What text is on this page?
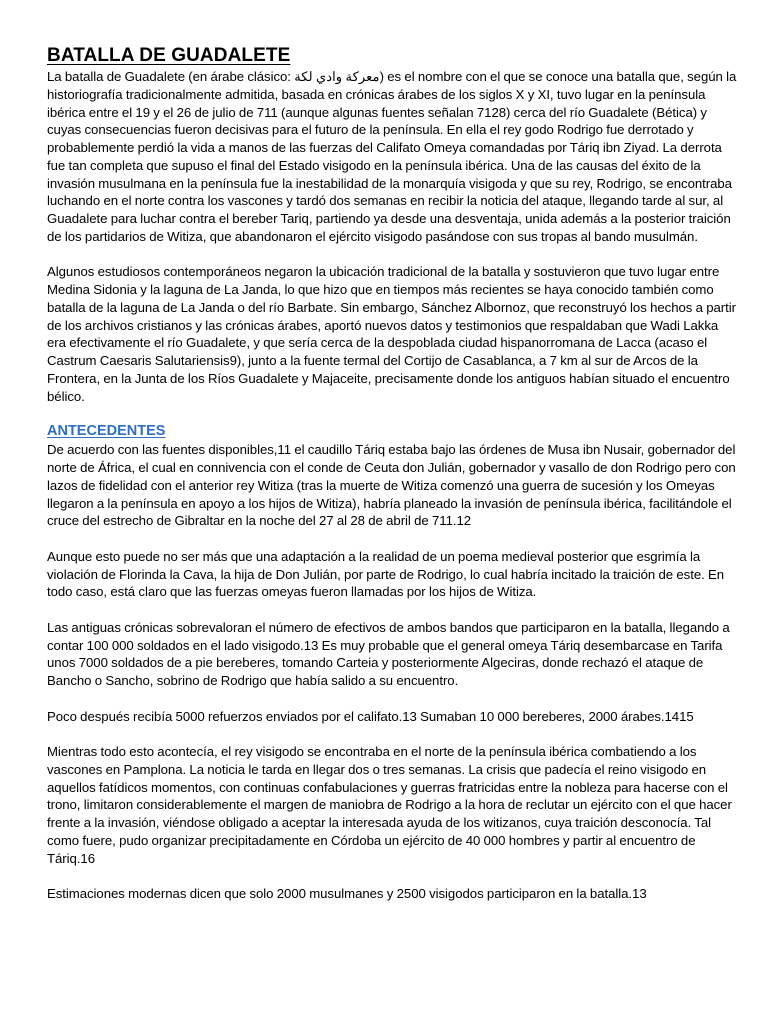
BATALLA DE GUADALETE

La batalla de Guadalete (en árabe clásico: معركة وادي لكة) es el nombre con el que se conoce una batalla que, según la historiografía tradicionalmente admitida, basada en crónicas árabes de los siglos X y XI, tuvo lugar en la península ibérica entre el 19 y el 26 de julio de 711 (aunque algunas fuentes señalan 7128) cerca del río Guadalete (Bética) y cuyas consecuencias fueron decisivas para el futuro de la península. En ella el rey godo Rodrigo fue derrotado y probablemente perdió la vida a manos de las fuerzas del Califato Omeya comandadas por Táriq ibn Ziyad. La derrota fue tan completa que supuso el final del Estado visigodo en la península ibérica. Una de las causas del éxito de la invasión musulmana en la península fue la inestabilidad de la monarquía visigoda y que su rey, Rodrigo, se encontraba luchando en el norte contra los vascones y tardó dos semanas en recibir la noticia del ataque, llegando tarde al sur, al Guadalete para luchar contra el bereber Tariq, partiendo ya desde una desventaja, unida además a la posterior traición de los partidarios de Witiza, que abandonaron el ejército visigodo pasándose con sus tropas al bando musulmán.

Algunos estudiosos contemporáneos negaron la ubicación tradicional de la batalla y sostuvieron que tuvo lugar entre Medina Sidonia y la laguna de La Janda, lo que hizo que en tiempos más recientes se haya conocido también como batalla de la laguna de La Janda o del río Barbate. Sin embargo, Sánchez Albornoz, que reconstruyó los hechos a partir de los archivos cristianos y las crónicas árabes, aportó nuevos datos y testimonios que respaldaban que Wadi Lakka era efectivamente el río Guadalete, y que sería cerca de la despoblada ciudad hispanorromana de Lacca (acaso el Castrum Caesaris Salutariensis9), junto a la fuente termal del Cortijo de Casablanca, a 7 km al sur de Arcos de la Frontera, en la Junta de los Ríos Guadalete y Majaceite, precisamente donde los antiguos habían situado el encuentro bélico.

ANTECEDENTES

De acuerdo con las fuentes disponibles,11 el caudillo Táriq estaba bajo las órdenes de Musa ibn Nusair, gobernador del norte de África, el cual en connivencia con el conde de Ceuta don Julián, gobernador y vasallo de don Rodrigo pero con lazos de fidelidad con el anterior rey Witiza (tras la muerte de Witiza comenzó una guerra de sucesión y los Omeyas llegaron a la península en apoyo a los hijos de Witiza), habría planeado la invasión de península ibérica, facilitándole el cruce del estrecho de Gibraltar en la noche del 27 al 28 de abril de 711.12

Aunque esto puede no ser más que una adaptación a la realidad de un poema medieval posterior que esgrimía la violación de Florinda la Cava, la hija de Don Julián, por parte de Rodrigo, lo cual habría incitado la traición de este. En todo caso, está claro que las fuerzas omeyas fueron llamadas por los hijos de Witiza.

Las antiguas crónicas sobrevaloran el número de efectivos de ambos bandos que participaron en la batalla, llegando a contar 100 000 soldados en el lado visigodo.13 Es muy probable que el general omeya Táriq desembarcase en Tarifa unos 7000 soldados de a pie bereberes, tomando Carteia y posteriormente Algeciras, donde rechazó el ataque de Bancho o Sancho, sobrino de Rodrigo que había salido a su encuentro.

Poco después recibía 5000 refuerzos enviados por el califato.13 Sumaban 10 000 bereberes, 2000 árabes.1415

Mientras todo esto acontecía, el rey visigodo se encontraba en el norte de la península ibérica combatiendo a los vascones en Pamplona. La noticia le tarda en llegar dos o tres semanas. La crisis que padecía el reino visigodo en aquellos fatídicos momentos, con continuas confabulaciones y guerras fratricidas entre la nobleza para hacerse con el trono, limitaron considerablemente el margen de maniobra de Rodrigo a la hora de reclutar un ejército con el que hacer frente a la invasión, viéndose obligado a aceptar la interesada ayuda de los witizanos, cuya traición desconocía. Tal como fuere, pudo organizar precipitadamente en Córdoba un ejército de 40 000 hombres y partir al encuentro de Táriq.16

Estimaciones modernas dicen que solo 2000 musulmanes y 2500 visigodos participaron en la batalla.13
